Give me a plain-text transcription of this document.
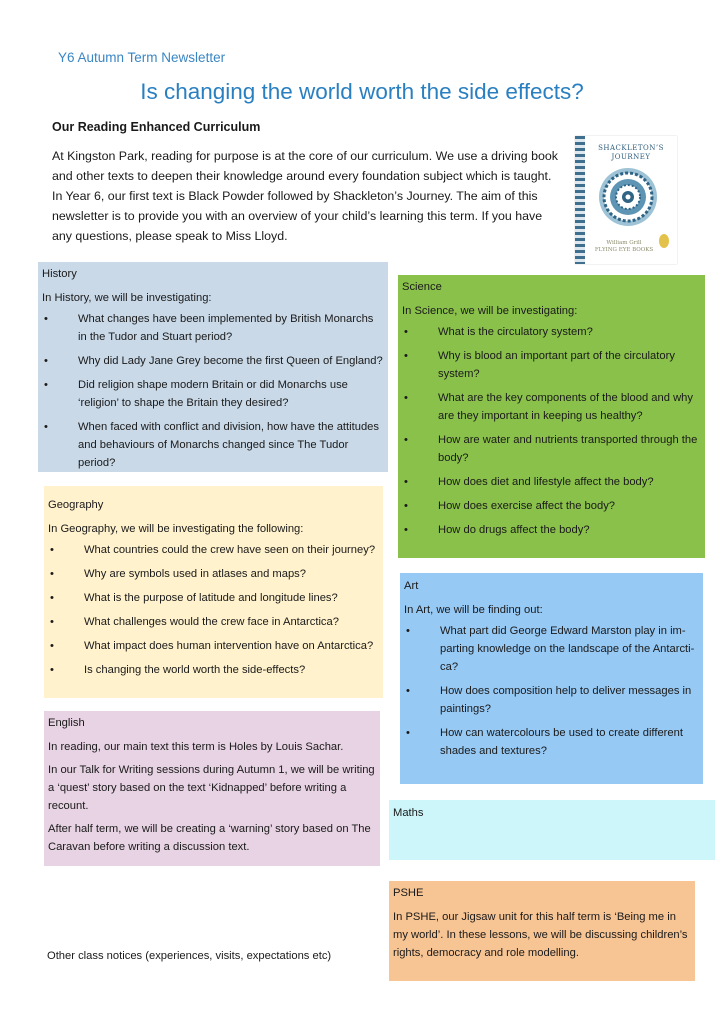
Y6 Autumn Term Newsletter
Is changing the world worth the side effects?
Our Reading Enhanced Curriculum
At Kingston Park, reading for purpose is at the core of our curriculum. We use a driving book and other texts to deepen their knowledge around every foundation subject which is taught. In Year 6, our first text is Black Powder followed by Shackleton’s Journey. The aim of this newsletter is to provide you with an overview of your child’s learning this term. If you have any questions, please speak to Miss Lloyd.
SHACKLETON’S JOURNEY
William Grill
FLYING EYE BOOKS
History
In History, we will be investigating:
•	What changes have been implemented by British Monarchs in the Tudor and Stuart period?
•	Why did Lady Jane Grey become the first Queen of England?
•	Did religion shape modern Britain or did Monarchs use ‘religion’ to shape the Britain they desired?
•	When faced with conflict and division, how have the attitudes and behaviours of Monarchs changed since The Tudor period?
Science
In Science, we will be investigating:
•	What is the circulatory system?
•	Why is blood an important part of the circulatory system?
•	What are the key components of the blood and why are they important in keeping us healthy?
•	How are water and nutrients transported through the body?
•	How does diet and lifestyle affect the body?
•	How does exercise affect the body?
•	How do drugs affect the body?
Geography
In Geography, we will be investigating the following:
•	What countries could the crew have seen on their journey?
•	Why are symbols used in atlases and maps?
•	What is the purpose of latitude and longitude lines?
•	What challenges would the crew face in Antarctica?
•	What impact does human intervention have on Antarctica?
•	Is changing the world worth the side-effects?
Art
In Art, we will be finding out:
•	What part did George Edward Marston play in im-parting knowledge on the landscape of the Antarcti-ca?
•	How does composition help to deliver messages in paintings?
•	How can watercolours be used to create different shades and textures?
English

In reading, our main text this term is Holes by Louis Sachar.

In our Talk for Writing sessions during Autumn 1, we will be writing a ‘quest’ story based on the text ‘Kidnapped’ before writing a recount.

After half term, we will be creating a ‘warning’ story based on The Caravan before writing a discussion text.

Maths
PSHE

In PSHE, our Jigsaw unit for this half term is ‘Being me in my world’. In these lessons, we will be discussing children’s rights, democracy and role modelling.

Other class notices (experiences, visits, expectations etc)
